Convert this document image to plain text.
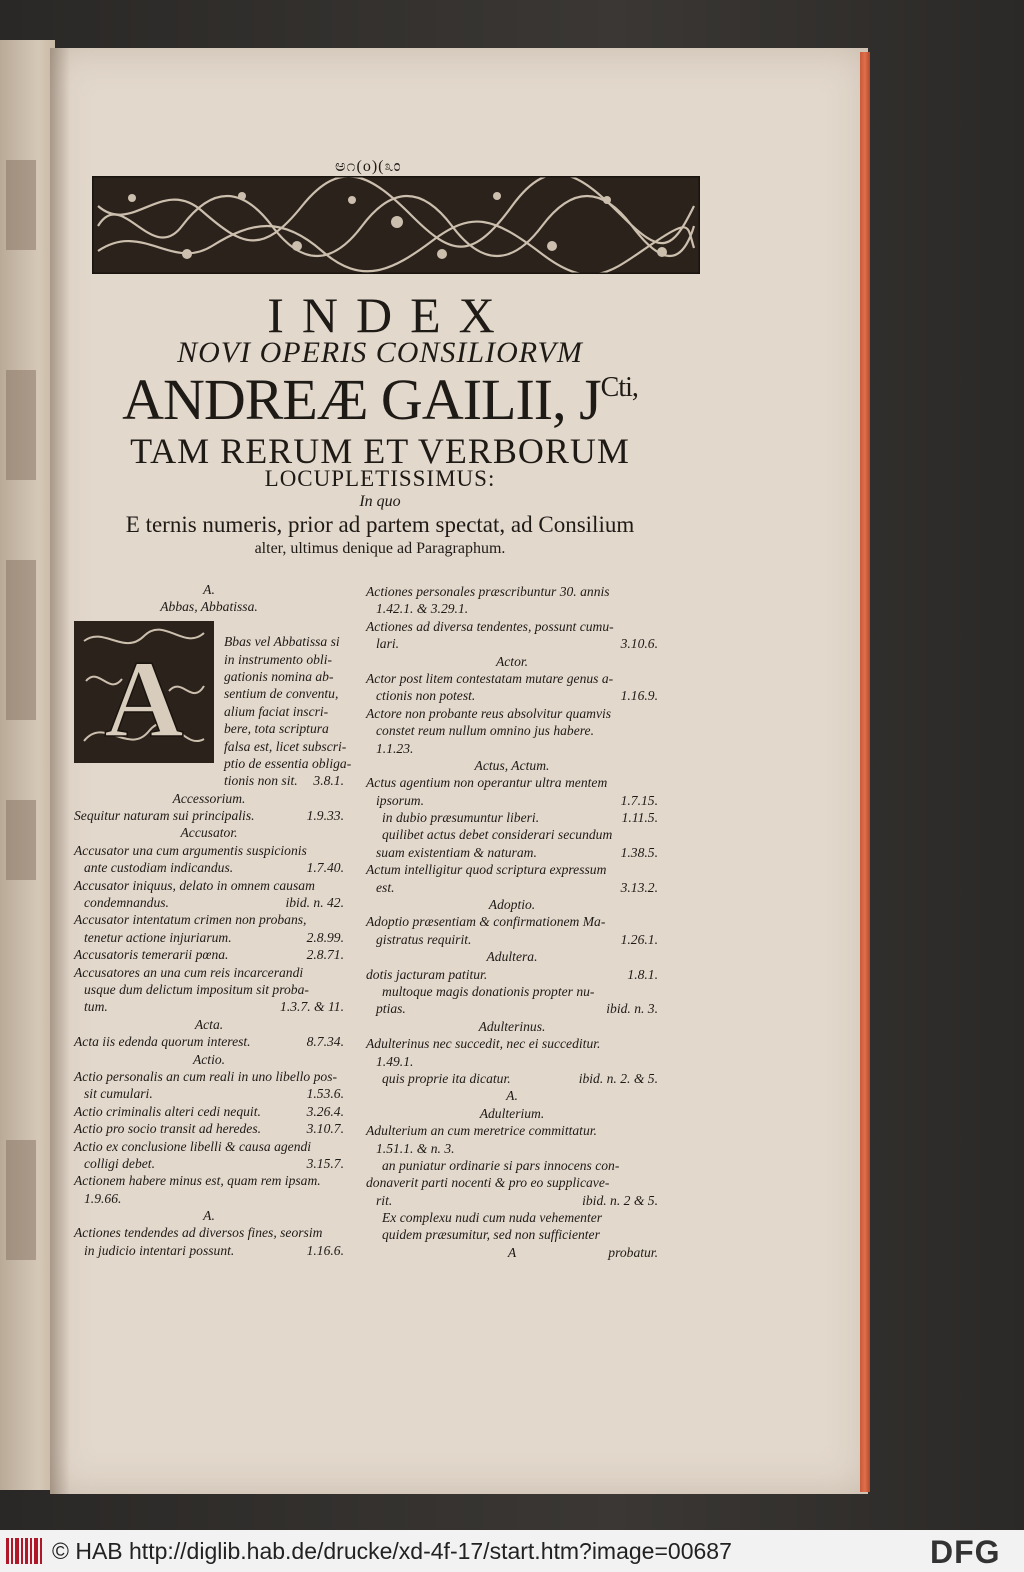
ಅ೧(o)(೩ಂ
INDEX
NOVI OPERIS CONSILIORVM
ANDREÆ GAILII, $J^{Cti,}$
TAM RERUM ET VERBORUM
LOCUPLETISSIMUS:
In quo
E ternis numeris, prior ad partem spectat, ad Consilium
alter, ultimus denique ad Paragraphum.
A
A.
Abbas, Abbatissa.
Bbas vel Abbatissa si
in instrumento obli-
gationis nomina ab-
sentium de conventu,
alium faciat inscri-
bere, tota scriptura
falsa est, licet subscri-
ptio de essentia obliga-
tionis non sit. 3.8.1.
Accessorium.
Sequitur naturam sui principalis.	1.9.33.
Accusator.
Accusator una cum argumentis suspicionis
ante custodiam indicandus.	1.7.40.
Accusator iniquus, delato in omnem causam
condemnandus.	ibid. n. 42.
Accusator intentatum crimen non probans,
tenetur actione injuriarum.	2.8.99.
Accusatoris temerarii pœna.	2.8.71.
Accusatores an una cum reis incarcerandi
usque dum delictum impositum sit proba-
tum.	1.3.7. & 11.
Acta.
Acta iis edenda quorum interest.	8.7.34.
Actio.
Actio personalis an cum reali in uno libello pos-
sit cumulari.	1.53.6.
Actio criminalis alteri cedi nequit.	3.26.4.
Actio pro socio transit ad heredes.	3.10.7.
Actio ex conclusione libelli & causa agendi
colligi debet.	3.15.7.
Actionem habere minus est, quam rem ipsam.
1.9.66.
A.
Actiones tendendes ad diversos fines, seorsim
in judicio intentari possunt.	1.16.6.
Actiones personales præscribuntur 30. annis
1.42.1. & 3.29.1.
Actiones ad diversa tendentes, possunt cumu-
lari.	3.10.6.
Actor.
Actor post litem contestatam mutare genus a-
ctionis non potest.	1.16.9.
Actore non probante reus absolvitur quamvis
constet reum nullum omnino jus habere.
1.1.23.
Actus, Actum.
Actus agentium non operantur ultra mentem
ipsorum.	1.7.15.
in dubio præsumuntur liberi.	1.11.5.
quilibet actus debet considerari secundum
suam existentiam & naturam.	1.38.5.
Actum intelligitur quod scriptura expressum
est.	3.13.2.
Adoptio.
Adoptio præsentiam & confirmationem Ma-
gistratus requirit.	1.26.1.
Adultera.
dotis jacturam patitur.	1.8.1.
multoque magis donationis propter nu-
ptias.	ibid. n. 3.
Adulterinus.
Adulterinus nec succedit, nec ei succeditur.
1.49.1.
quis proprie ita dicatur.	ibid. n. 2. & 5.
A.
Adulterium.
Adulterium an cum meretrice committatur.
1.51.1. & n. 3.
an puniatur ordinarie si pars innocens con-
donaverit parti nocenti & pro eo supplicave-
rit.	ibid. n. 2 & 5.
Ex complexu nudi cum nuda vehementer
quidem præsumitur, sed non sufficienter
A	probatur.
© HAB http://diglib.hab.de/drucke/xd-4f-17/start.htm?image=00687	DFG
